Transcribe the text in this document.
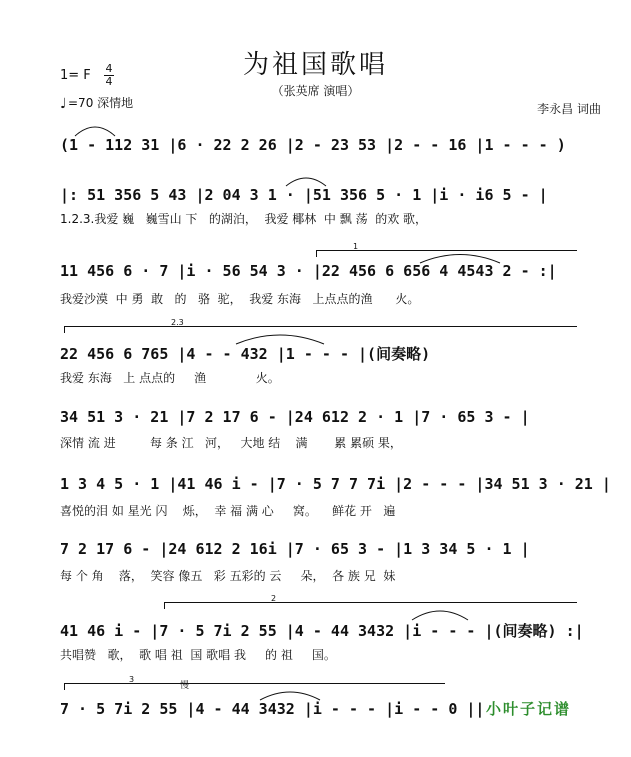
为祖国歌唱
（张英席 演唱）
1= F 4
4
♩=70 深情地	李永昌 词曲
(1 - 112 31 |6 · 22 2 26 |2 - 23 53 |2 - - 16 |1 - - - )
|: 51 356 5 43 |2 04 3 1 · |51 356 5 · 1 |i · i6 5 - |
1.2.3.我爱 巍   巍雪山 下   的湖泊，  我爱 椰林  中 飘 荡  的欢 歌，
11 456 6 · 7 |i · 56 54 3 · |22 456 6 656 4 4543 2 - :|
我爱沙漠  中 勇  敢   的   骆  驼，  我爱 东海   上点点的渔      火。
22 456 6 765 |4 - - 432 |1 - - - |(间奏略)
我爱 东海   上 点点的     渔             火。
34 51 3 · 21 |7 2 17 6 - |24 612 2 · 1 |7 · 65 3 - |
深情 流 进         每 条 江   河，   大地 结    满       累 累硕 果，
1 3 4 5 · 1 |41 46 i - |7 · 5 7 7 7i |2 - - - |34 51 3 · 21 |
喜悦的泪 如 星光 闪    烁，  幸 福 满 心     窝。    鲜花 开   遍
7 2 17 6 - |24 612 2 16i |7 · 65 3 - |1 3 34 5 · 1 |
每 个 角    落，  笑容 像五   彩 五彩的 云     朵，  各 族 兄  妹
41 46 i - |7 · 5 7i 2 55 |4 - 44 3432 |i - - - |(间奏略) :|
共唱赞   歌，  歌 唱 祖  国 歌唱 我     的 祖     国。
7 · 5 7i 2 55 |4 - 44 3432 |i - - - |i - - 0 ||
1
2.3
2
3
慢
小叶子记谱
